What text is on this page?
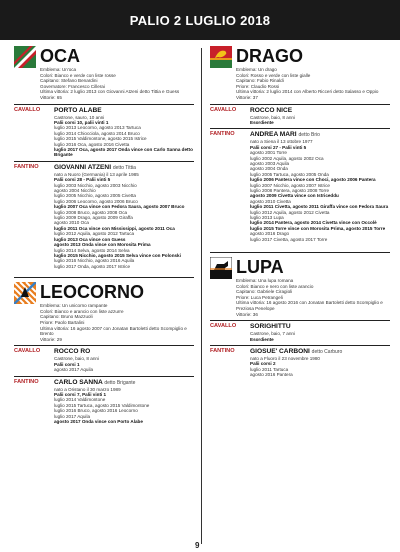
PALIO 2 LUGLIO 2018
OCA
Emblema: Un'oca
Colori: Bianco e verde con liste rosse
Capitano: Stefano Benardini
Governatore: Francesco Cillerai
Ultima vittoria: 2 luglio 2013 con Giovanni Atzeni detto Tittia e Guess
Vittorie: 65
CAVALLO	PORTO ALABE
Castrone, sauro, 10 anni
Palii corsi 10, palii vinti 1
luglio 2013 Leocorno, agosto 2013 Tartuca
luglio 2014 Chiocciola, agosto 2014 Bruco
luglio 2015 Valdimontone, agosto 2015 Istrice
luglio 2016 Oca, agosto 2016 Civetta
luglio 2017 Oca, agosto 2017 Onda vince con Carlo Sanna detto Brigante
FANTINO	GIOVANNI ATZENI detto Tittia
nato a Nuoro (Germania) il 13 aprile 1985
Palii corsi 28 - Palii vinti 5
luglio 2003 Nicchio, agosto 2003 Nicchio
agosto 2004 Nicchio
luglio 2005 Nicchio, agosto 2005 Civetta
luglio 2006 Leocorno, agosto 2006 Bruco
luglio 2007 Oca vince con Fedora Saura, agosto 2007 Bruco
luglio 2008 Bruco, agosto 2008 Oca
luglio 2009 Drago, agosto 2009 Giraffa
agosto 2010 Oca
luglio 2011 Oca vince con Mississippi, agosto 2011 Oca
luglio 2012 Aquila, agosto 2012 Tartuca
luglio 2013 Oca vince con Guess
agosto 2013 Onda vince con Morosita Prima
luglio 2014 Selva, agosto 2014 Selva
luglio 2015 Nicchio, agosto 2015 Selva vince con Polonski
luglio 2016 Nicchio, agosto 2016 Aquila
luglio 2017 Onda, agosto 2017 Istrice
LEOCORNO
Emblema: Un unicorno rampante
Colori: Bianco e arancio con liste azzurre
Capitano: Bruno Mazzuoli
Priore: Paolo Bartalini
Ultima vittoria: 16 agosto 2007 con Jonatan Bartoletti detto Scompiglio e Brento
Vittorie: 29
CAVALLO	ROCCO RO
Castrone, baio, 8 anni
Palii corsi 1
agosto 2017 Aquila
FANTINO	CARLO SANNA detto Brigante
nato a Oristano il 30 marzo 1989
Palii corsi 7, Palii vinti 1
luglio 2014 Valdimontone
luglio 2015 Tartuca, agosto 2015 Valdimontone
luglio 2016 Bruco, agosto 2016 Leocorno
luglio 2017 Aquila
agosto 2017 Onda vince con Porto Alabe
DRAGO
Emblema: Un drago
Colori: Rosso e verde con liste gialle
Capitano: Fabio Rinaldi
Priore: Claudio Rossi
Ultima vittoria: 2 luglio 2014 con Alberto Ricceri detto Salasso e Oppio
Vittorie: 37
CAVALLO	ROCCO NICE
Castrone, baio, 8 anni
Esordiente
FANTINO	ANDREA MARI detto Brio
nato a Siena il 13 ottobre 1977
Palii corsi 27 - Palii vinti 5
agosto 2001 Torre
luglio 2002 Aquila, agosto 2002 Oca
agosto 2003 Aquila
agosto 2004 Onda
luglio 2005 Tartuca, agosto 2005 Onda
luglio 2006 Pantera vince con Choci, agosto 2006 Pantera
luglio 2007 Nicchio, agosto 2007 Istrice
luglio 2008 Pantera, agosto 2008 Torre
agosto 2009 Civetta vince con Istriceddu
agosto 2010 Civetta
luglio 2011 Civetta, agosto 2011 Giraffa vince con Fedora Saura
luglio 2012 Aquila, agosto 2012 Civetta
luglio 2013 Lupa
luglio 2014 Pantera, agosto 2014 Civetta vince con Occolè
luglio 2015 Torre vince con Morosita Prima, agosto 2015 Torre
agosto 2016 Drago
luglio 2017 Civetta, agosto 2017 Torre
LUPA
Emblema: Una lupa romana
Colori: Bianco e nero con liste arancio
Capitano: Gabriele Ciragioli
Priore: Luca Petrangeli
Ultima vittoria: 16 agosto 2016 con Jonatan Bartoletti detto Scompiglio e Preziosa Penelope
Vittorie: 36
CAVALLO	SORIGHITTU
Castrone, baio, 7 anni
Esordiente
FANTINO	GIOSUE' CARBONI detto Carburo
nato a Fluoro il 23 novembre 1980
Palii corsi 2
luglio 2011 Tartuca
agosto 2016 Pantera
9
